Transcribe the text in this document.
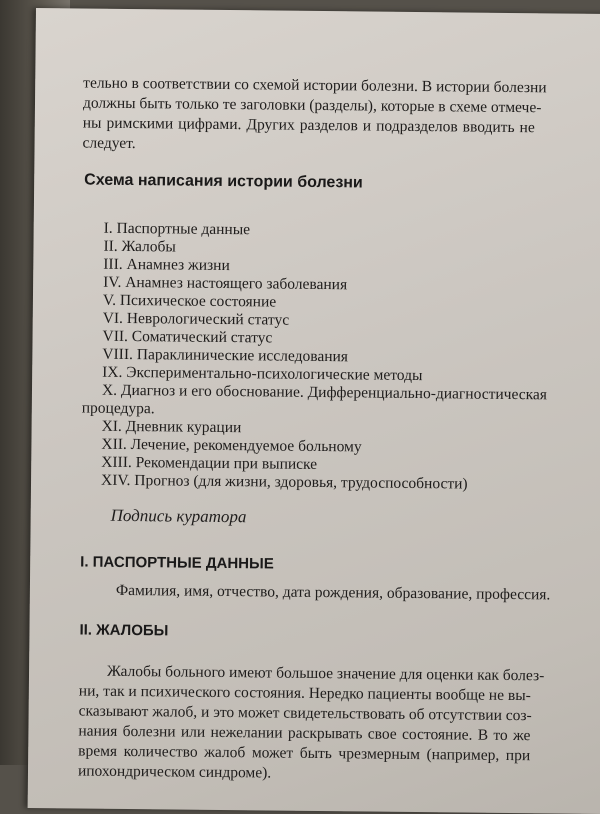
тельно в соответствии со схемой истории болезни. В истории болезни
должны быть только те заголовки (разделы), которые в схеме отмече-
ны римскими цифрами. Других разделов и подразделов вводить не
следует.
Схема написания истории болезни
I. Паспортные данные
II. Жалобы
III. Анамнез жизни
IV. Анамнез настоящего заболевания
V. Психическое состояние
VI. Неврологический статус
VII. Соматический статус
VIII. Параклинические исследования
IX. Экспериментально-психологические методы
X. Диагноз и его обоснование. Дифференциально-диагностическая
процедура.
XI. Дневник курации
XII. Лечение, рекомендуемое больному
XIII. Рекомендации при выписке
XIV. Прогноз (для жизни, здоровья, трудоспособности)
Подпись куратора
I. ПАСПОРТНЫЕ ДАННЫЕ
Фамилия, имя, отчество, дата рождения, образование, профессия.
II. ЖАЛОБЫ
Жалобы больного имеют большое значение для оценки как болез-
ни, так и психического состояния. Нередко пациенты вообще не вы-
сказывают жалоб, и это может свидетельствовать об отсутствии соз-
нания болезни или нежелании раскрывать свое состояние. В то же
время количество жалоб может быть чрезмерным (например, при
ипохондрическом синдроме).
